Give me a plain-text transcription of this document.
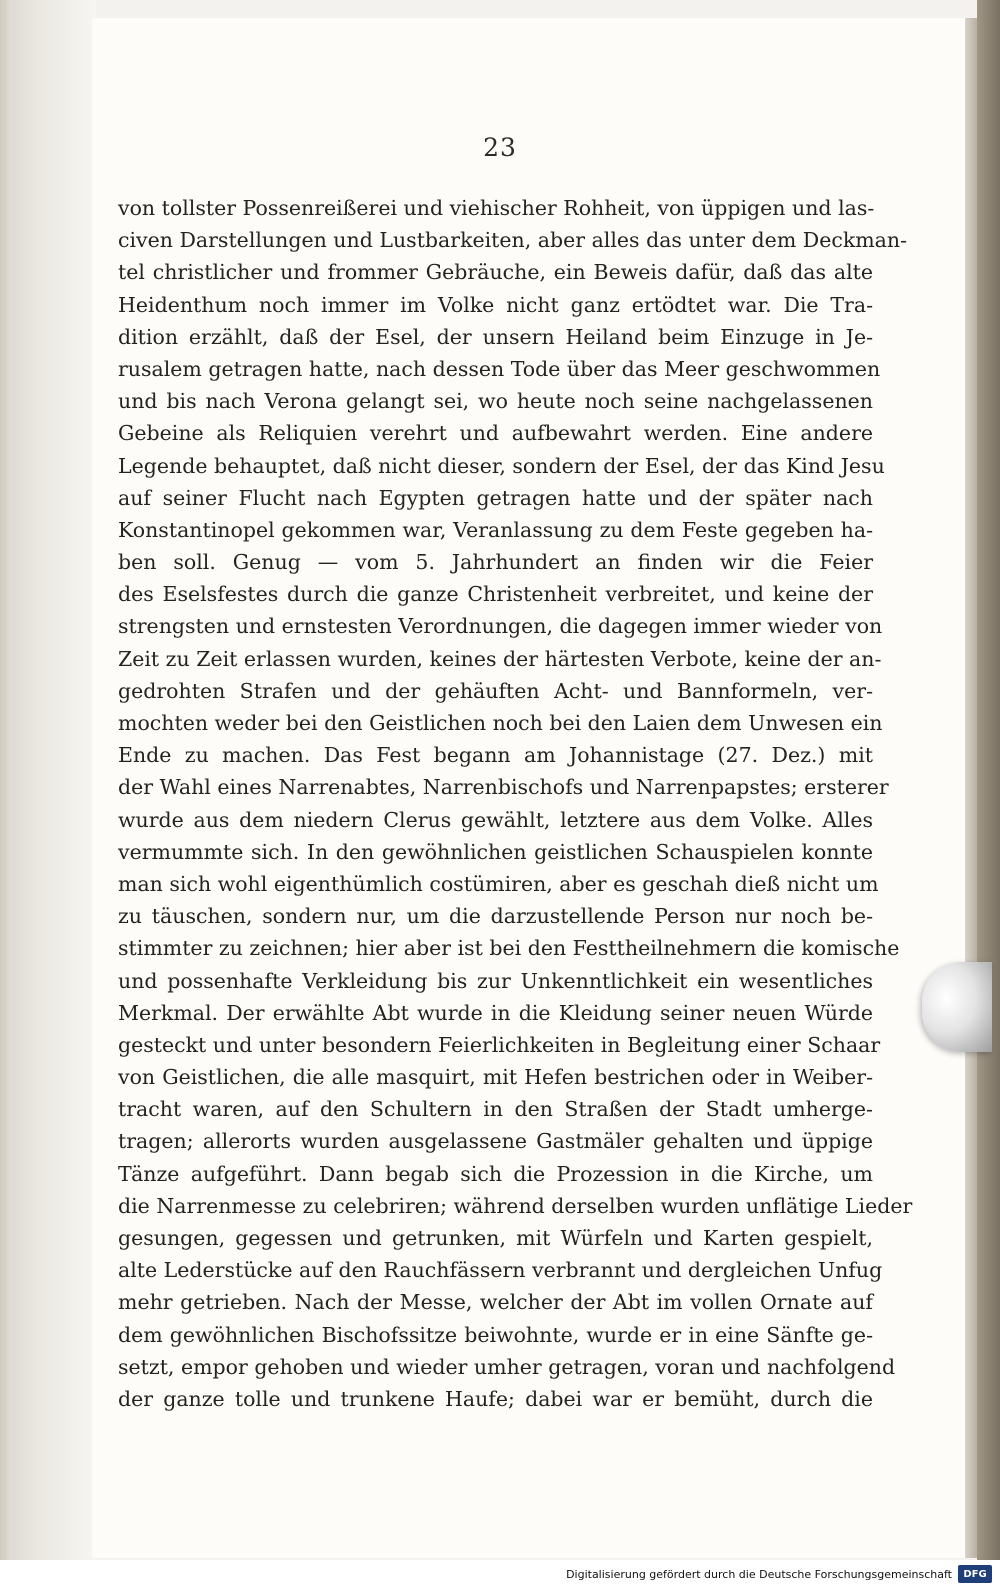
23
von tollster Possenreißerei und viehischer Rohheit, von üppigen und las-
civen Darstellungen und Lustbarkeiten, aber alles das unter dem Deckman-
tel christlicher und frommer Gebräuche, ein Beweis dafür, daß das alte
Heidenthum noch immer im Volke nicht ganz ertödtet war. Die Tra-
dition erzählt, daß der Esel, der unsern Heiland beim Einzuge in Je-
rusalem getragen hatte, nach dessen Tode über das Meer geschwommen
und bis nach Verona gelangt sei, wo heute noch seine nachgelassenen
Gebeine als Reliquien verehrt und aufbewahrt werden. Eine andere
Legende behauptet, daß nicht dieser, sondern der Esel, der das Kind Jesu
auf seiner Flucht nach Egypten getragen hatte und der später nach
Konstantinopel gekommen war, Veranlassung zu dem Feste gegeben ha-
ben soll. Genug — vom 5. Jahrhundert an finden wir die Feier
des Eselsfestes durch die ganze Christenheit verbreitet, und keine der
strengsten und ernstesten Verordnungen, die dagegen immer wieder von
Zeit zu Zeit erlassen wurden, keines der härtesten Verbote, keine der an-
gedrohten Strafen und der gehäuften Acht- und Bannformeln, ver-
mochten weder bei den Geistlichen noch bei den Laien dem Unwesen ein
Ende zu machen. Das Fest begann am Johannistage (27. Dez.) mit
der Wahl eines Narrenabtes, Narrenbischofs und Narrenpapstes; ersterer
wurde aus dem niedern Clerus gewählt, letztere aus dem Volke. Alles
vermummte sich. In den gewöhnlichen geistlichen Schauspielen konnte
man sich wohl eigenthümlich costümiren, aber es geschah dieß nicht um
zu täuschen, sondern nur, um die darzustellende Person nur noch be-
stimmter zu zeichnen; hier aber ist bei den Festtheilnehmern die komische
und possenhafte Verkleidung bis zur Unkenntlichkeit ein wesentliches
Merkmal. Der erwählte Abt wurde in die Kleidung seiner neuen Würde
gesteckt und unter besondern Feierlichkeiten in Begleitung einer Schaar
von Geistlichen, die alle masquirt, mit Hefen bestrichen oder in Weiber-
tracht waren, auf den Schultern in den Straßen der Stadt umherge-
tragen; allerorts wurden ausgelassene Gastmäler gehalten und üppige
Tänze aufgeführt. Dann begab sich die Prozession in die Kirche, um
die Narrenmesse zu celebriren; während derselben wurden unflätige Lieder
gesungen, gegessen und getrunken, mit Würfeln und Karten gespielt,
alte Lederstücke auf den Rauchfässern verbrannt und dergleichen Unfug
mehr getrieben. Nach der Messe, welcher der Abt im vollen Ornate auf
dem gewöhnlichen Bischofssitze beiwohnte, wurde er in eine Sänfte ge-
setzt, empor gehoben und wieder umher getragen, voran und nachfolgend
der ganze tolle und trunkene Haufe; dabei war er bemüht, durch die
Digitalisierung gefördert durch die Deutsche Forschungsgemeinschaft	DFG
